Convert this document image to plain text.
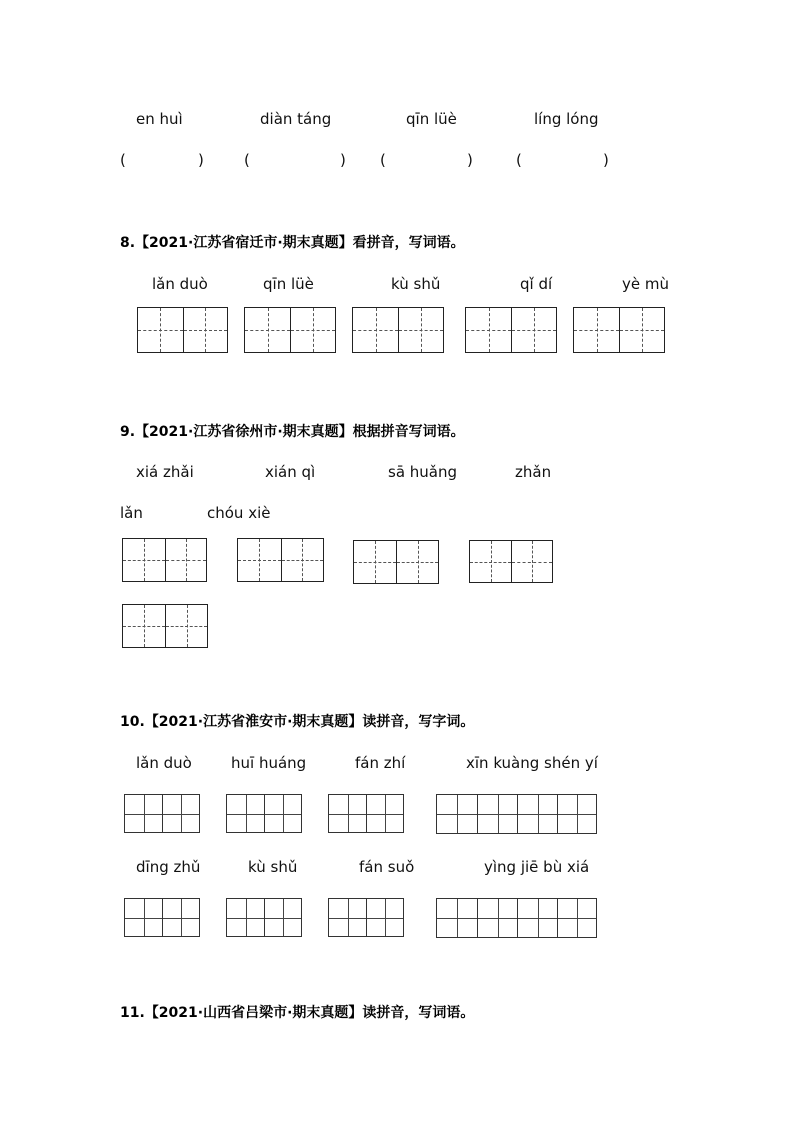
en huì	diàn táng	qīn lüè	líng lóng
(	)	(	) (	)	(	)
8.【2021·江苏省宿迁市·期末真题】看拼音，写词语。
lǎn duò	qīn lüè	kù shǔ	qǐ dí	yè mù
9.【2021·江苏省徐州市·期末真题】根据拼音写词语。
xiá zhǎi	xián qì	sā huǎng	zhǎn
lǎn	chóu xiè
10.【2021·江苏省淮安市·期末真题】读拼音，写字词。
lǎn duò	huī huáng	fán zhí	xīn kuàng shén yí
dīng zhǔ	kù shǔ	fán suǒ	yìng jiē bù xiá
11.【2021·山西省吕梁市·期末真题】读拼音，写词语。
